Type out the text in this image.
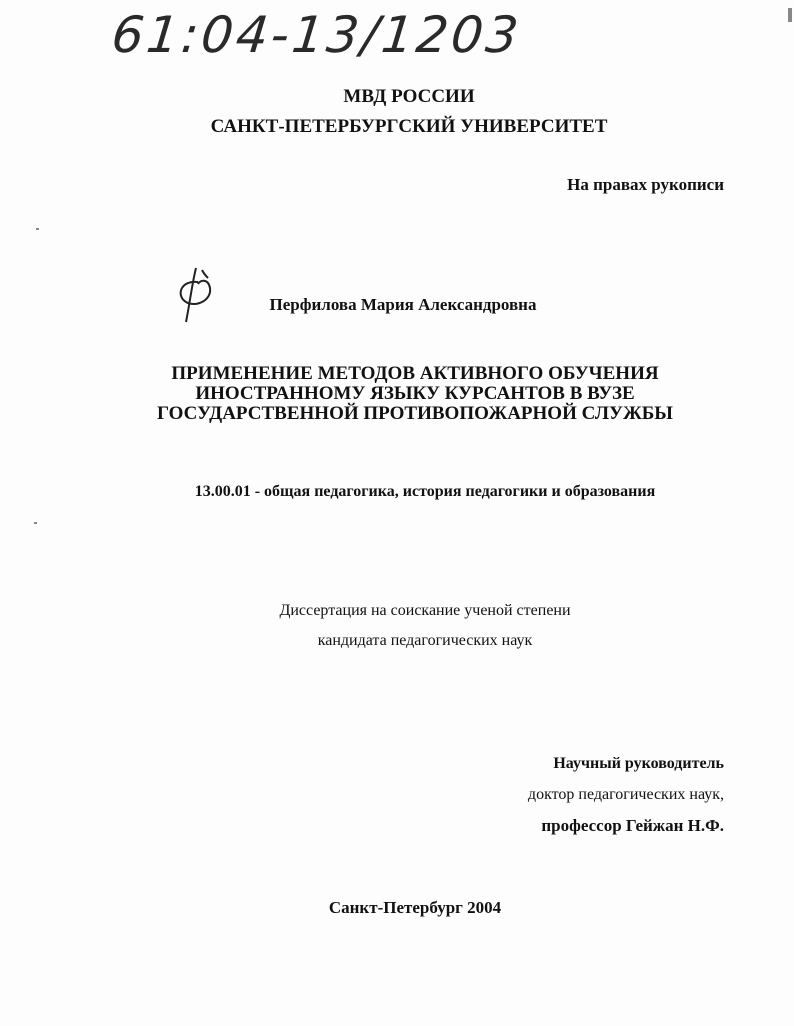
61:04-13/1203
МВД РОССИИ
САНКТ-ПЕТЕРБУРГСКИЙ УНИВЕРСИТЕТ
На правах рукописи
Перфилова Мария Александровна
ПРИМЕНЕНИЕ МЕТОДОВ АКТИВНОГО ОБУЧЕНИЯ
ИНОСТРАННОМУ ЯЗЫКУ КУРСАНТОВ В ВУЗЕ
ГОСУДАРСТВЕННОЙ ПРОТИВОПОЖАРНОЙ СЛУЖБЫ
13.00.01 - общая педагогика, история педагогики и образования
Диссертация на соискание ученой степени
кандидата педагогических наук
Научный руководитель
доктор педагогических наук,
профессор Гейжан Н.Ф.
Санкт-Петербург 2004
